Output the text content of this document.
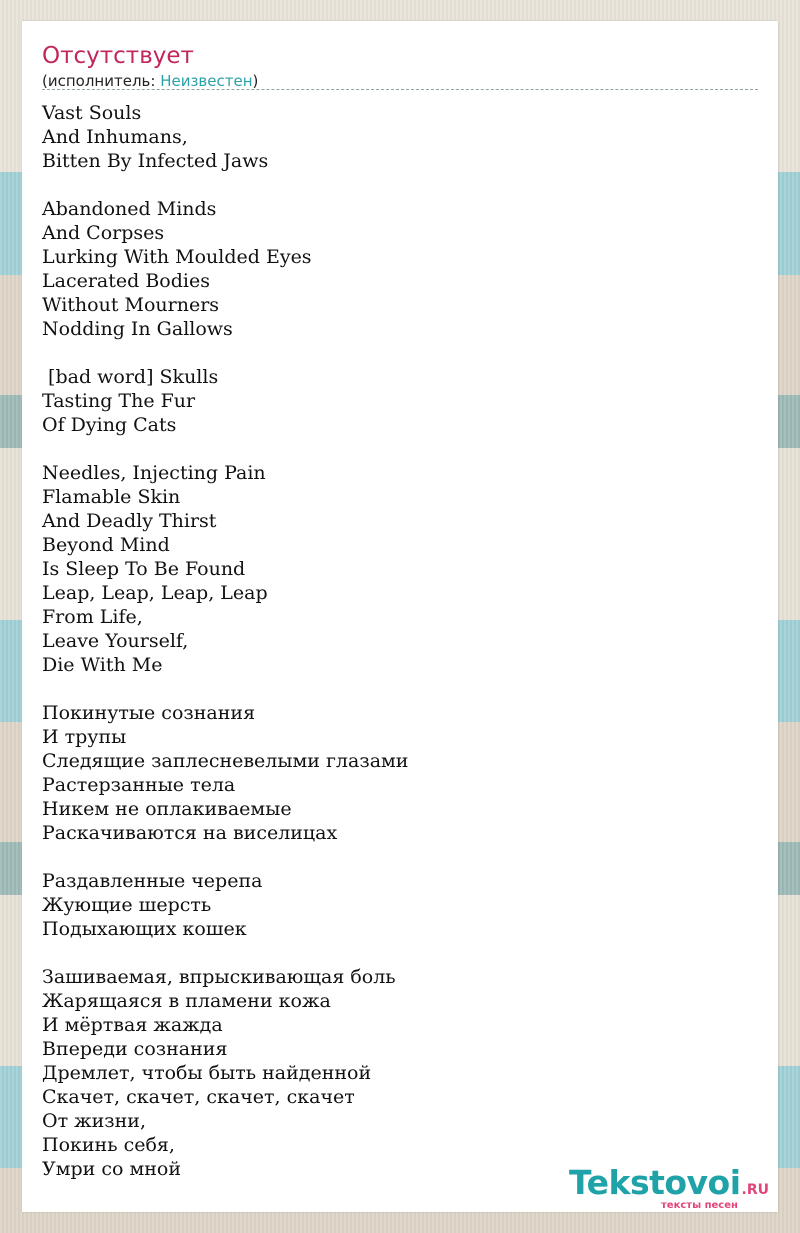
Отсутствует
(исполнитель: Неизвестен)
Vast Souls
And Inhumans,
Bitten By Infected Jaws
Abandoned Minds
And Corpses
Lurking With Moulded Eyes
Lacerated Bodies
Without Mourners
Nodding In Gallows
[bad word] Skulls
Tasting The Fur
Of Dying Cats
Needles, Injecting Pain
Flamable Skin
And Deadly Thirst
Beyond Mind
Is Sleep To Be Found
Leap, Leap, Leap, Leap
From Life,
Leave Yourself,
Die With Me
Покинутые сознания
И трупы
Следящие заплесневелыми глазами
Растерзанные тела
Никем не оплакиваемые
Раскачиваются на виселицах
Раздавленные черепа
Жующие шерсть
Подыхающих кошек
Зашиваемая, впрыскивающая боль
Жарящаяся в пламени кожа
И мёртвая жажда
Впереди сознания
Дремлет, чтобы быть найденной
Скачет, скачет, скачет, скачет
От жизни,
Покинь себя,
Умри со мной	Tekstovoi.RU
тексты песен
